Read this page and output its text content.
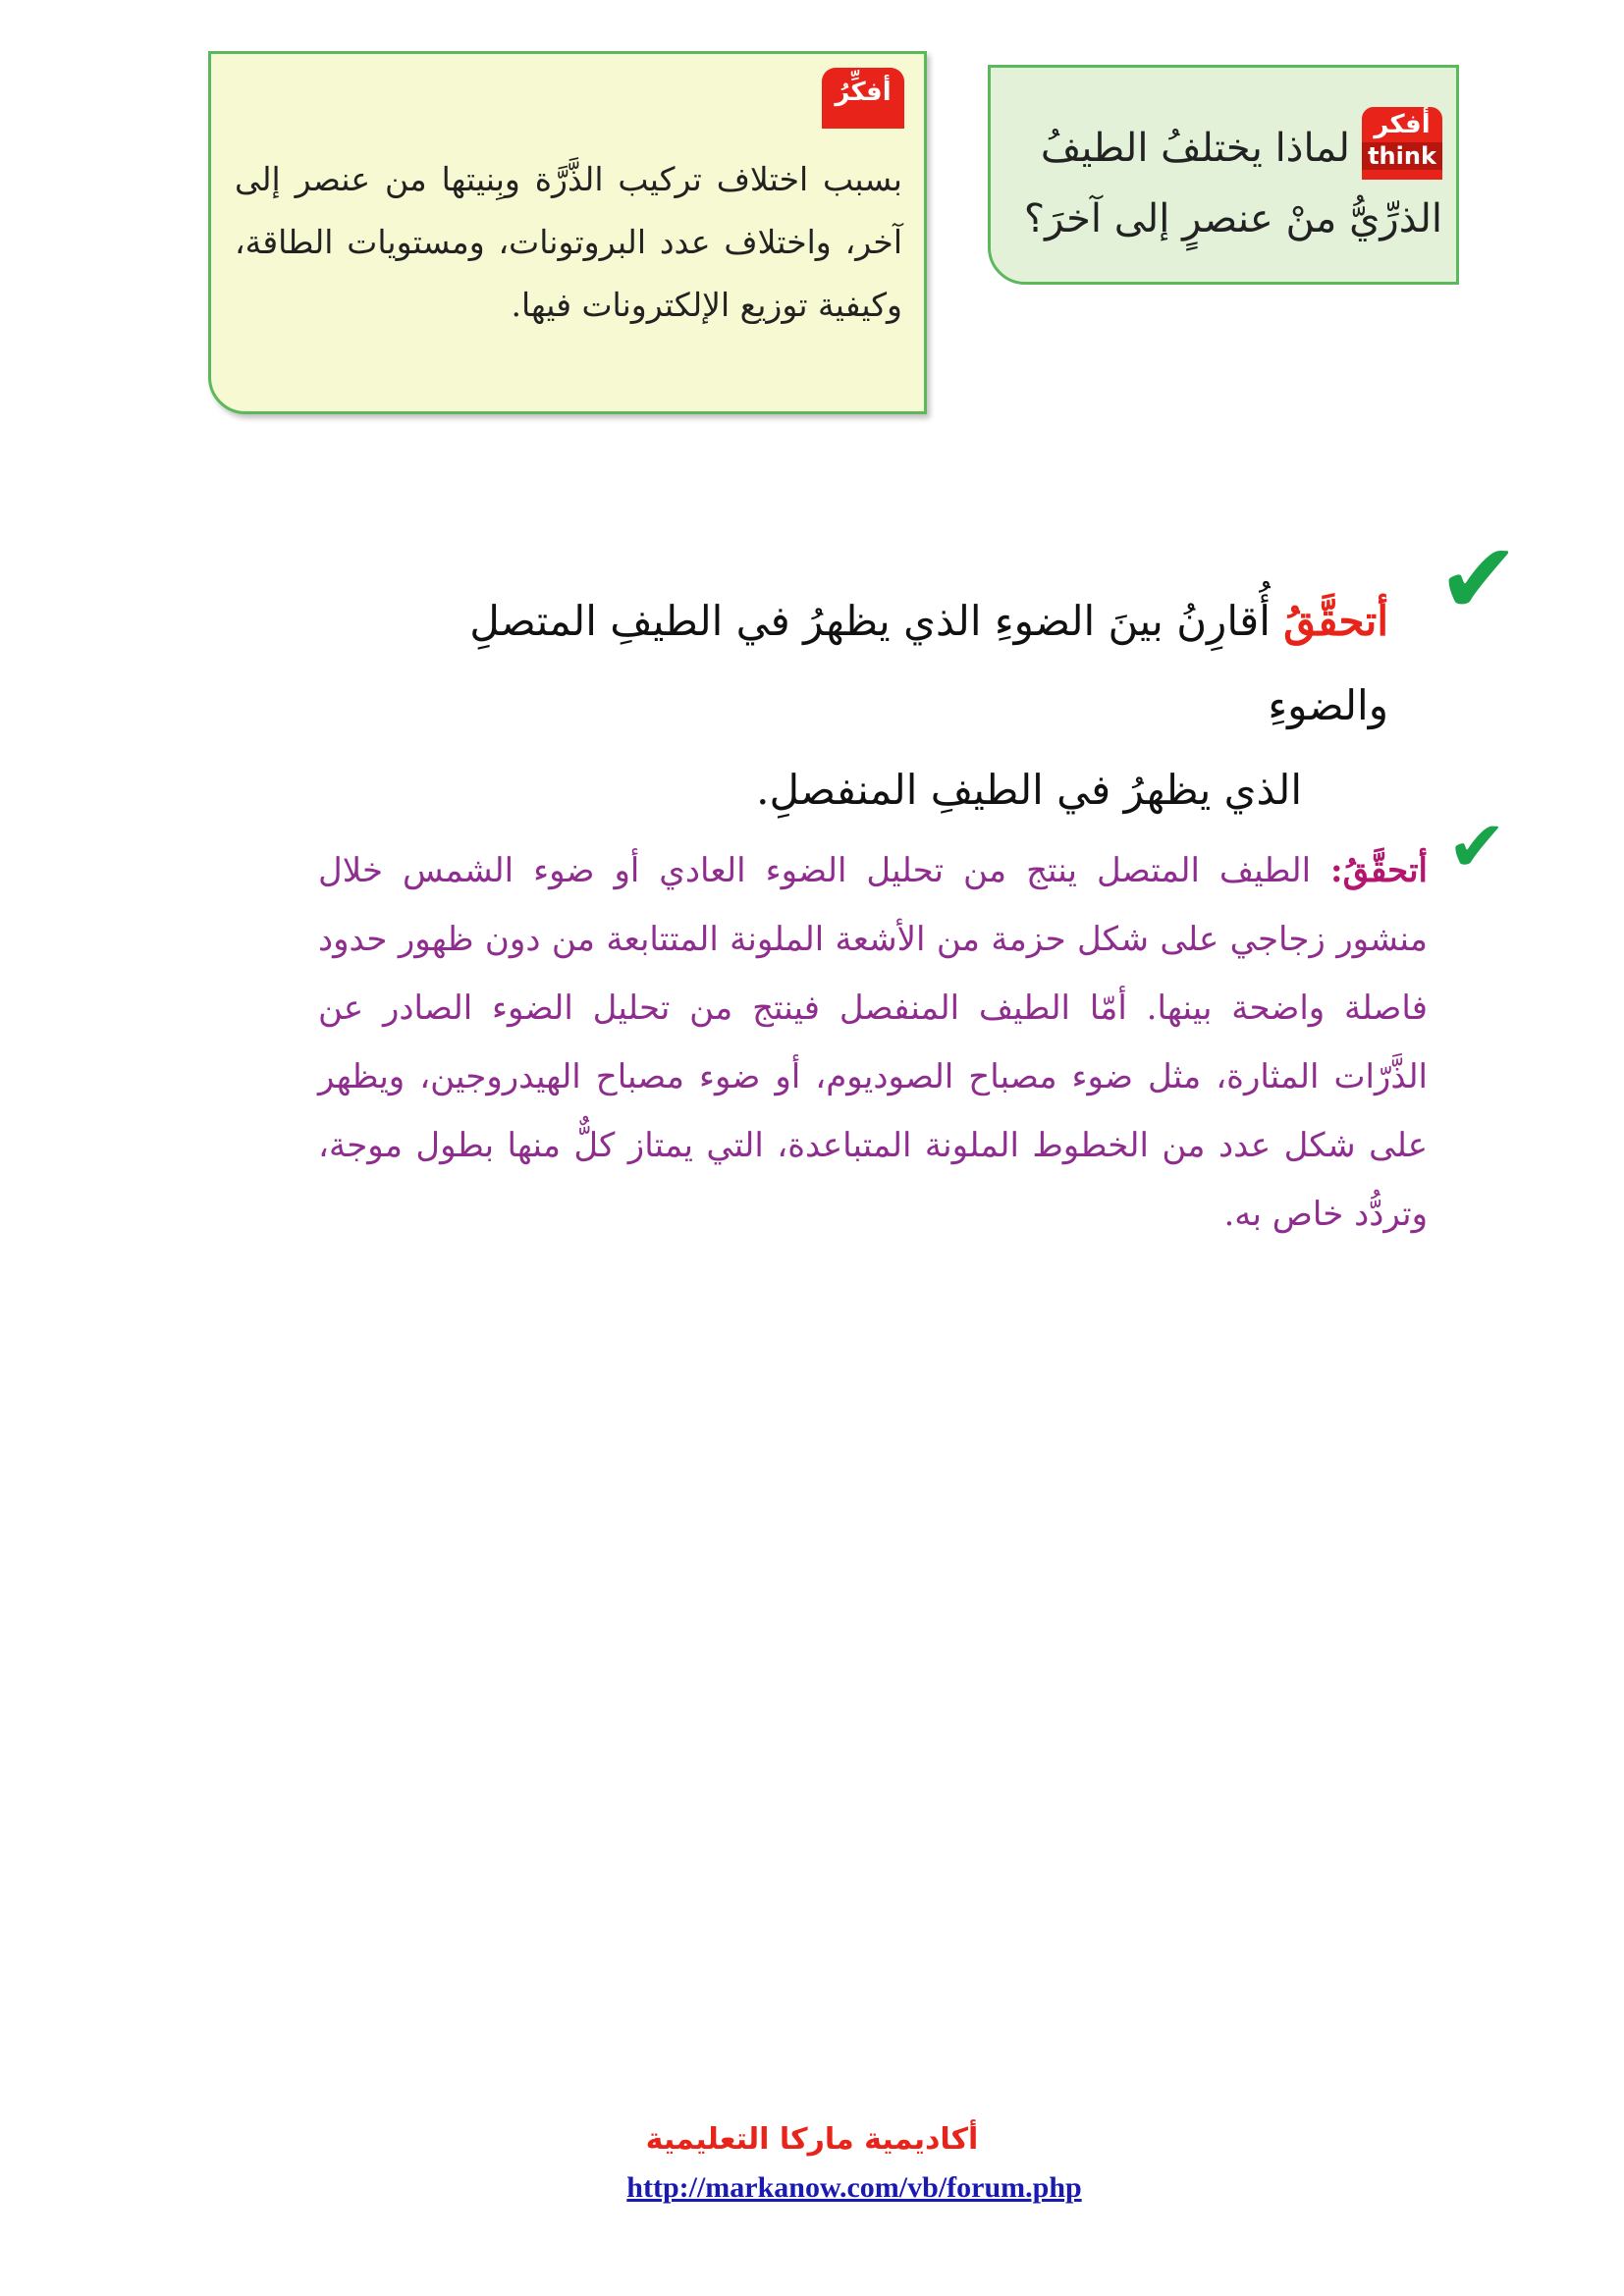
أفكر
think
لماذا يختلفُ الطيفُ
الذرِّيُّ منْ عنصرٍ إلى آخرَ؟
أفكِّرُ
بسبب اختلاف تركيب الذَّرَّة وبِنيتها من عنصر إلى آخر، واختلاف عدد البروتونات، ومستويات الطاقة، وكيفية توزيع الإلكترونات فيها.
✔
أتحقَّقُ أُقارِنُ بينَ الضوءِ الذي يظهرُ في الطيفِ المتصلِ والضوءِ
الذي يظهرُ في الطيفِ المنفصلِ.
✔
أتحقَّقُ: الطيف المتصل ينتج من تحليل الضوء العادي أو ضوء الشمس خلال منشور زجاجي على شكل حزمة من الأشعة الملونة المتتابعة من دون ظهور حدود فاصلة واضحة بينها. أمّا الطيف المنفصل فينتج من تحليل الضوء الصادر عن الذَّرّات المثارة، مثل ضوء مصباح الصوديوم، أو ضوء مصباح الهيدروجين، ويظهر على شكل عدد من الخطوط الملونة المتباعدة، التي يمتاز كلٌّ منها بطول موجة، وتردُّد خاص به.
أكاديمية ماركا التعليمية
http://markanow.com/vb/forum.php
